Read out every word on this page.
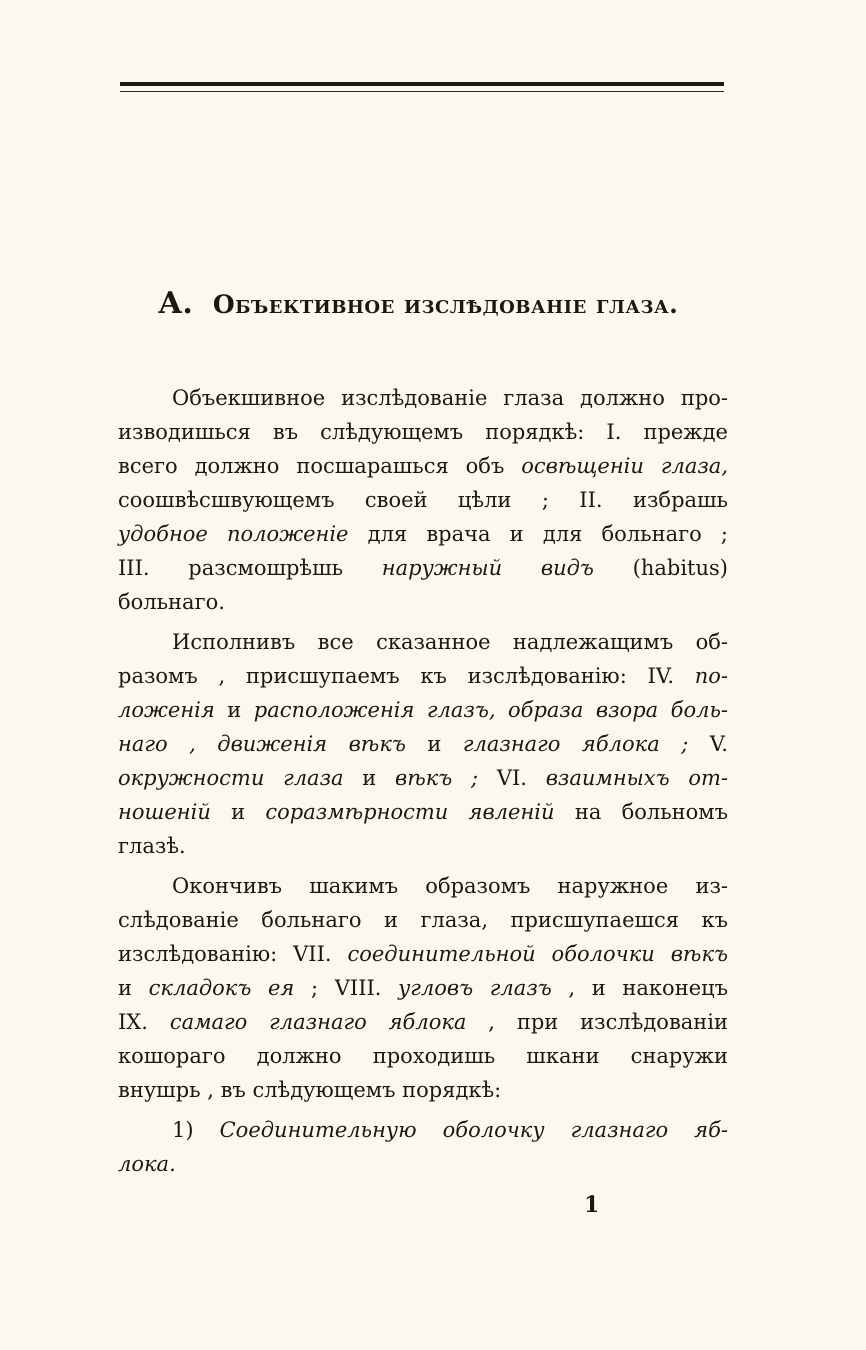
А. Объективное изслѣдованіе глаза.
Объекшивное изслѣдованіе глаза должно про-
изводишься въ слѣдующемъ порядкѣ: I. прежде
всего должно посшарашься объ освѣщеніи глаза,
соошвѣсшвующемъ своей цѣли ; II. избрашь
удобное положеніе для врача и для больнаго ;
III. разсмошрѣшь наружный видъ (habitus)
больнаго.
Исполнивъ все сказанное надлежащимъ об-
разомъ , присшупаемъ къ изслѣдованію: IV. по-
ложенія и расположенія глазъ, образа взора боль-
наго , движенія вѣкъ и глазнаго яблока ; V.
окружности глаза и вѣкъ ; VI. взаимныхъ от-
ношеній и соразмѣрности явленій на больномъ
глазѣ.
Окончивъ шакимъ образомъ наружное из-
слѣдованіе больнаго и глаза, присшупаешся къ
изслѣдованію: VII. соединительной оболочки вѣкъ
и складокъ ея ; VIII. угловъ глазъ , и наконецъ
IX. самаго глазнаго яблока , при изслѣдованіи
кошораго должно проходишь шкани снаружи
внушрь , въ слѣдующемъ порядкѣ:
1) Соединительную оболочку глазнаго яб-
лока.
1
